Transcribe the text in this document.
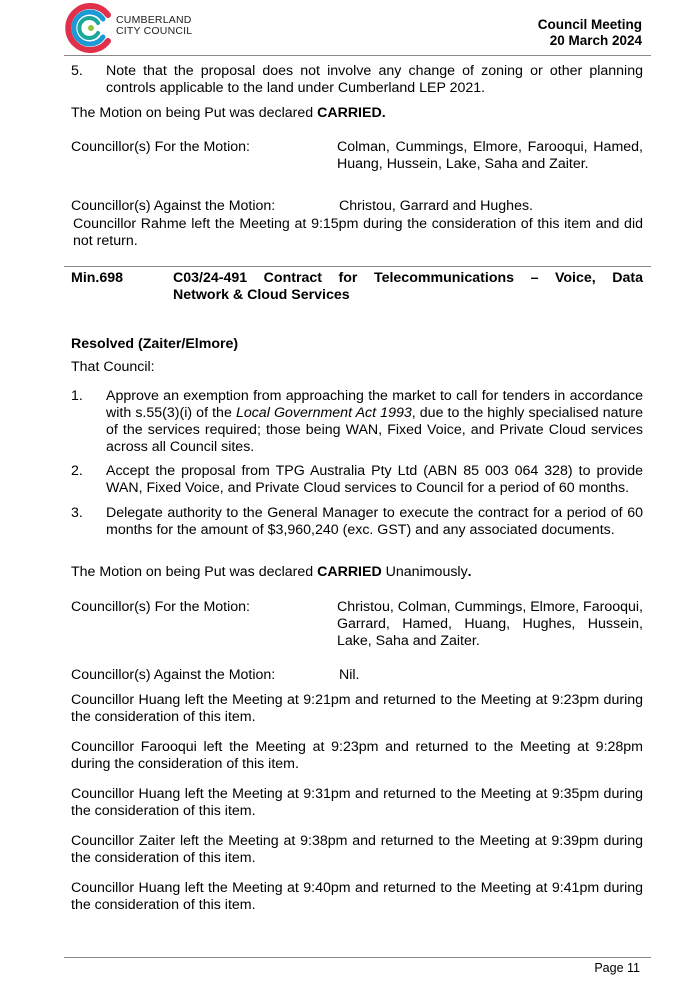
CUMBERLAND
CITY COUNCIL	Council Meeting
20 March 2024
5.	Note that the proposal does not involve any change of zoning or other planning controls applicable to the land under Cumberland LEP 2021.
The Motion on being Put was declared CARRIED.
Councillor(s) For the Motion:	Colman, Cummings, Elmore, Farooqui, Hamed, Huang, Hussein, Lake, Saha and Zaiter.
Councillor(s) Against the Motion:	Christou, Garrard and Hughes.
Councillor Rahme left the Meeting at 9:15pm during the consideration of this item and did not return.
Min.698	C03/24-491 Contract for Telecommunications – Voice, Data
Network & Cloud Services
Resolved (Zaiter/Elmore)
That Council:
1.	Approve an exemption from approaching the market to call for tenders in accordance with s.55(3)(i) of the Local Government Act 1993, due to the highly specialised nature of the services required; those being WAN, Fixed Voice, and Private Cloud services across all Council sites.
2.	Accept the proposal from TPG Australia Pty Ltd (ABN 85 003 064 328) to provide WAN, Fixed Voice, and Private Cloud services to Council for a period of 60 months.
3.	Delegate authority to the General Manager to execute the contract for a period of 60 months for the amount of $3,960,240 (exc. GST) and any associated documents.
The Motion on being Put was declared CARRIED Unanimously.
Councillor(s) For the Motion:	Christou, Colman, Cummings, Elmore, Farooqui, Garrard, Hamed, Huang, Hughes, Hussein, Lake, Saha and Zaiter.
Councillor(s) Against the Motion:	Nil.
Councillor Huang left the Meeting at 9:21pm and returned to the Meeting at 9:23pm during the consideration of this item.
Councillor Farooqui left the Meeting at 9:23pm and returned to the Meeting at 9:28pm during the consideration of this item.
Councillor Huang left the Meeting at 9:31pm and returned to the Meeting at 9:35pm during the consideration of this item.
Councillor Zaiter left the Meeting at 9:38pm and returned to the Meeting at 9:39pm during the consideration of this item.
Councillor Huang left the Meeting at 9:40pm and returned to the Meeting at 9:41pm during the consideration of this item.
Page 11
